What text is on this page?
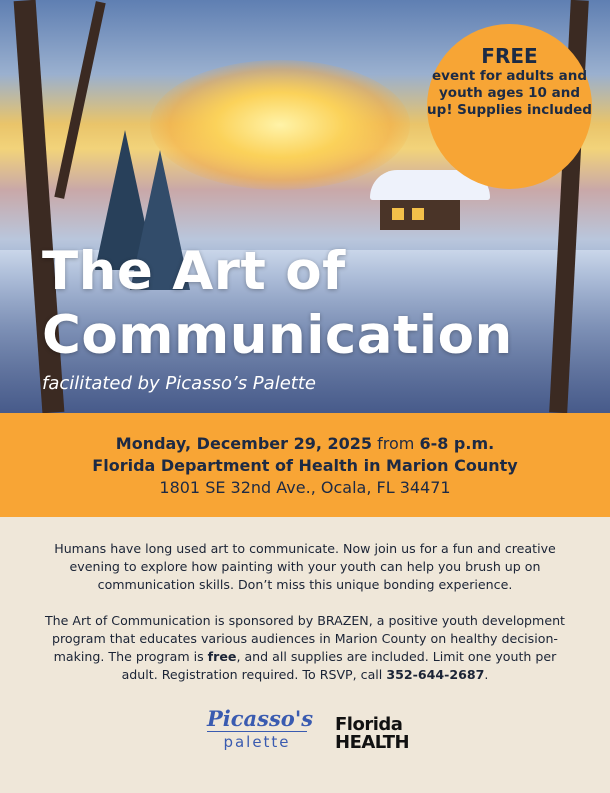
FREE
event for adults and youth ages 10 and up! Supplies included
The Art of
Communication
facilitated by Picasso’s Palette
Monday, December 29, 2025 from 6-8 p.m.
Florida Department of Health in Marion County
1801 SE 32nd Ave., Ocala, FL 34471

Humans have long used art to communicate. Now join us for a fun and creative evening to explore how painting with your youth can help you brush up on communication skills. Don’t miss this unique bonding experience.

The Art of Communication is sponsored by BRAZEN, a positive youth development program that educates various audiences in Marion County on healthy decision-making. The program is free, and all supplies are included. Limit one youth per adult. Registration required. To RSVP, call 352-644-2687.

Picasso's
palette
Florida
HEALTH
